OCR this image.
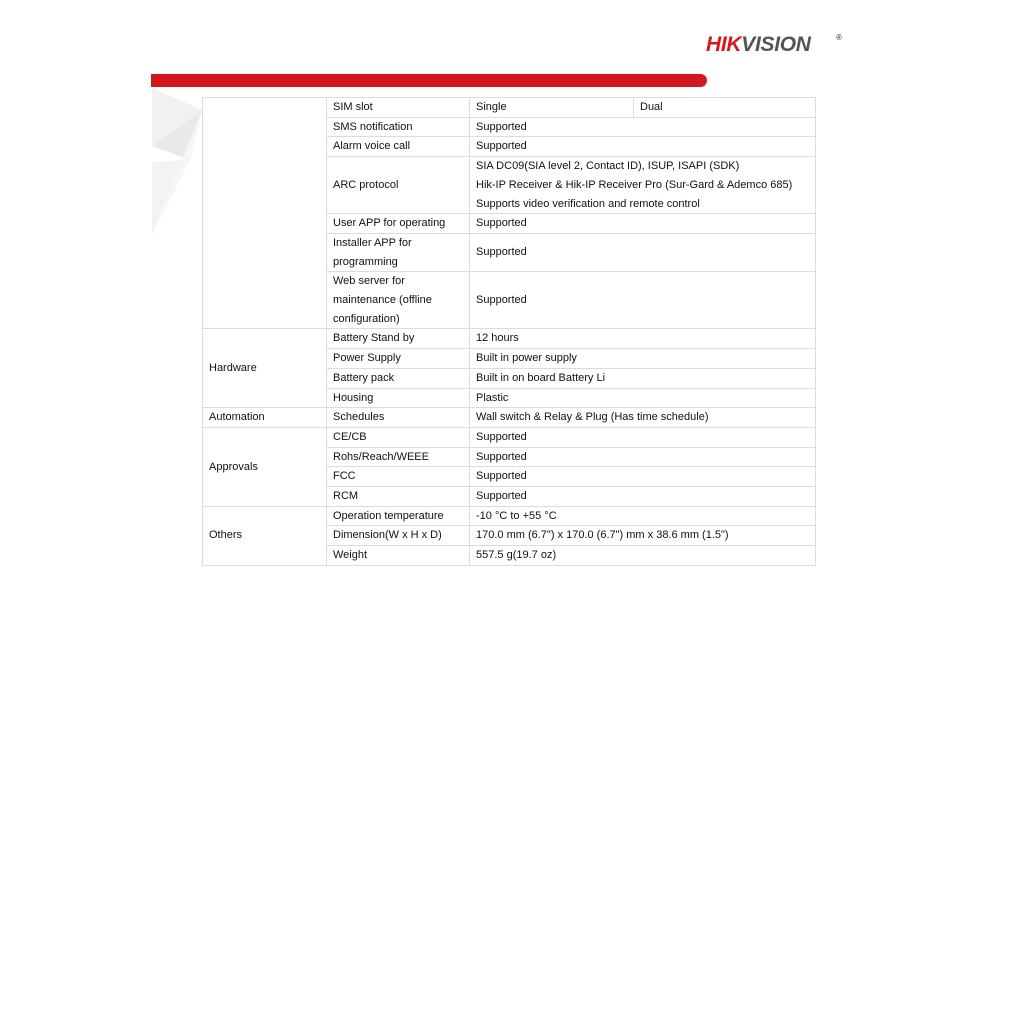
HIKVISION	®
	SIM slot	Single	Dual
	SMS notification	Supported	
	Alarm voice call	Supported	
	ARC protocol	SIA DC09(SIA level 2, Contact ID), ISUP, ISAPI (SDK)
Hik-IP Receiver & Hik-IP Receiver Pro (Sur-Gard & Ademco 685)
Supports video verification and remote control	

	User APP for operating	Supported	

	Installer APP for
programming	Supported	

	Web server for
maintenance (offline
configuration)	Supported	
Hardware	Battery Stand by	12 hours	
	Power Supply	Built in power supply	
	Battery pack	Built in on board Battery Li	
	Housing	Plastic	
Automation	Schedules	Wall switch & Relay & Plug (Has time schedule)	
Approvals	CE/CB	Supported	
	Rohs/Reach/WEEE	Supported	
	FCC	Supported	
	RCM	Supported	
Others	Operation temperature	-10 °C to +55 °C	
	Dimension(W x H x D)	170.0 mm (6.7") x 170.0 (6.7") mm x 38.6 mm (1.5")	
	Weight	557.5 g(19.7 oz)	
